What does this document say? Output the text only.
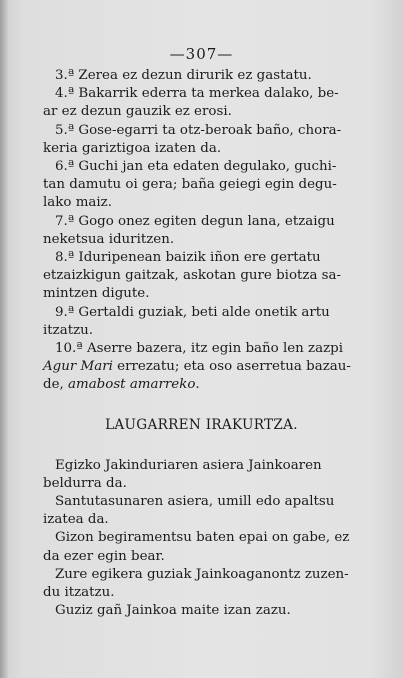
—307—

3.ª Zerea ez dezun dirurik ez gastatu.

4.ª Bakarrik ederra ta merkea dalako, be-

ar ez dezun gauzik ez erosi.

5.ª Gose-egarri ta otz-beroak baño, chora-

keria gariztigoa izaten da.

6.ª Guchi jan eta edaten degulako, guchi-

tan damutu oi gera; baña geiegi egin degu-

lako maiz.

7.ª Gogo onez egiten degun lana, etzaigu

neketsua iduritzen.

8.ª Iduripenean baizik iñon ere gertatu

etzaizkigun gaitzak, askotan gure biotza sa-

mintzen digute.

9.ª Gertaldi guziak, beti alde onetik artu

itzatzu.

10.ª Aserre bazera, itz egin baño len zazpi

Agur Mari errezatu; eta oso aserretua bazau-

de, amabost amarreko.

LAUGARREN IRAKURTZA.

Egizko Jakinduriaren asiera Jainkoaren

beldurra da.

Santutasunaren asiera, umill edo apaltsu

izatea da.

Gizon begiramentsu baten epai on gabe, ez

da ezer egin bear.

Zure egikera guziak Jainkoaganontz zuzen-

du itzatzu.

Guziz gañ Jainkoa maite izan zazu.
